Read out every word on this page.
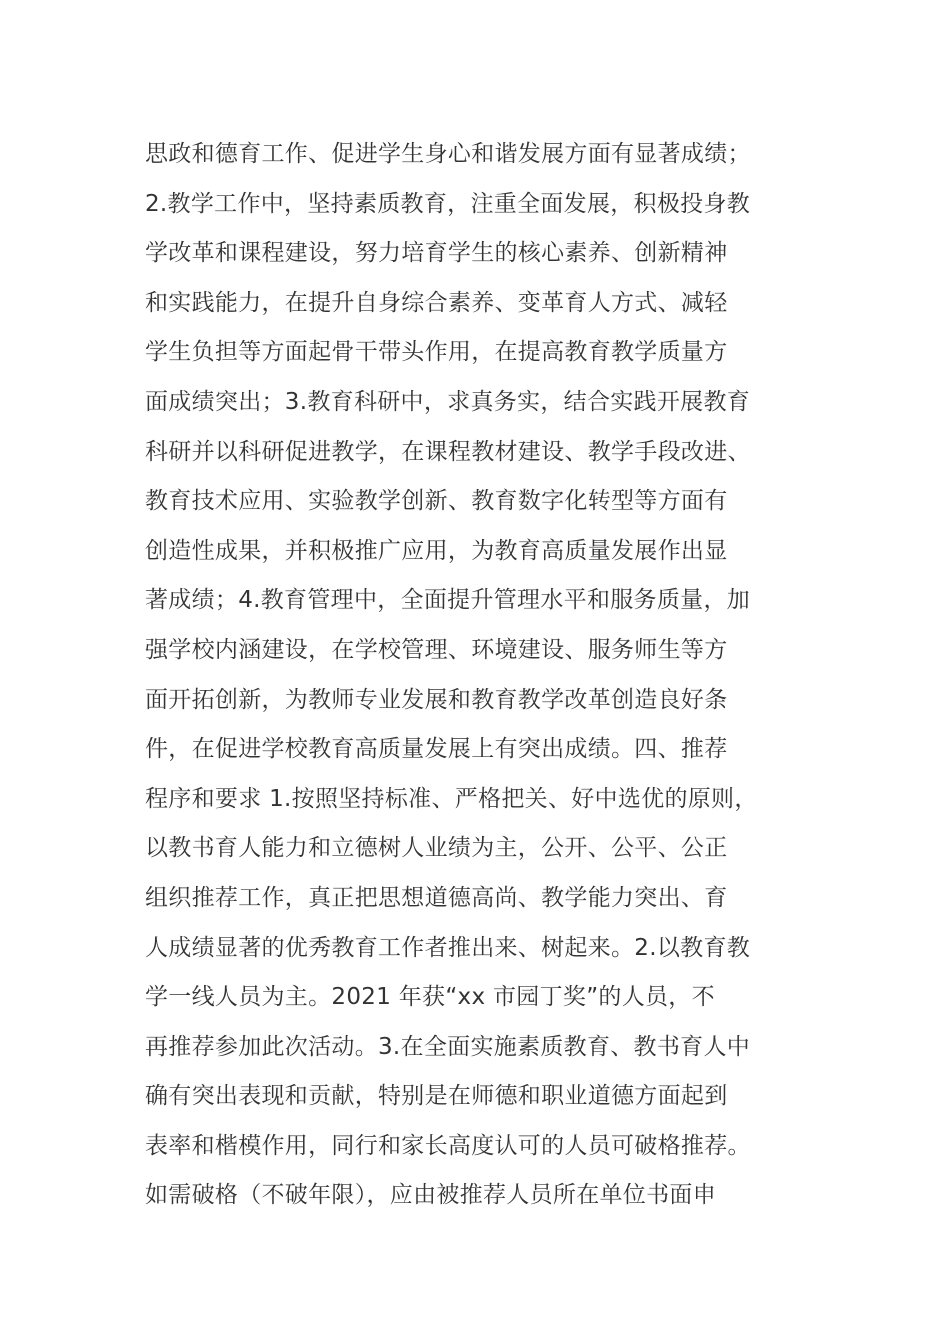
思政和德育工作、促进学生身心和谐发展方面有显著成绩；
2.教学工作中，坚持素质教育，注重全面发展，积极投身教
学改革和课程建设，努力培育学生的核心素养、创新精神
和实践能力，在提升自身综合素养、变革育人方式、减轻
学生负担等方面起骨干带头作用，在提高教育教学质量方
面成绩突出；3.教育科研中，求真务实，结合实践开展教育
科研并以科研促进教学，在课程教材建设、教学手段改进、
教育技术应用、实验教学创新、教育数字化转型等方面有
创造性成果，并积极推广应用，为教育高质量发展作出显
著成绩；4.教育管理中，全面提升管理水平和服务质量，加
强学校内涵建设，在学校管理、环境建设、服务师生等方
面开拓创新，为教师专业发展和教育教学改革创造良好条
件，在促进学校教育高质量发展上有突出成绩。四、推荐
程序和要求 1.按照坚持标准、严格把关、好中选优的原则，
以教书育人能力和立德树人业绩为主，公开、公平、公正
组织推荐工作，真正把思想道德高尚、教学能力突出、育
人成绩显著的优秀教育工作者推出来、树起来。2.以教育教
学一线人员为主。2021 年获“xx 市园丁奖”的人员，不
再推荐参加此次活动。3.在全面实施素质教育、教书育人中
确有突出表现和贡献，特别是在师德和职业道德方面起到
表率和楷模作用，同行和家长高度认可的人员可破格推荐。
如需破格（不破年限），应由被推荐人员所在单位书面申
